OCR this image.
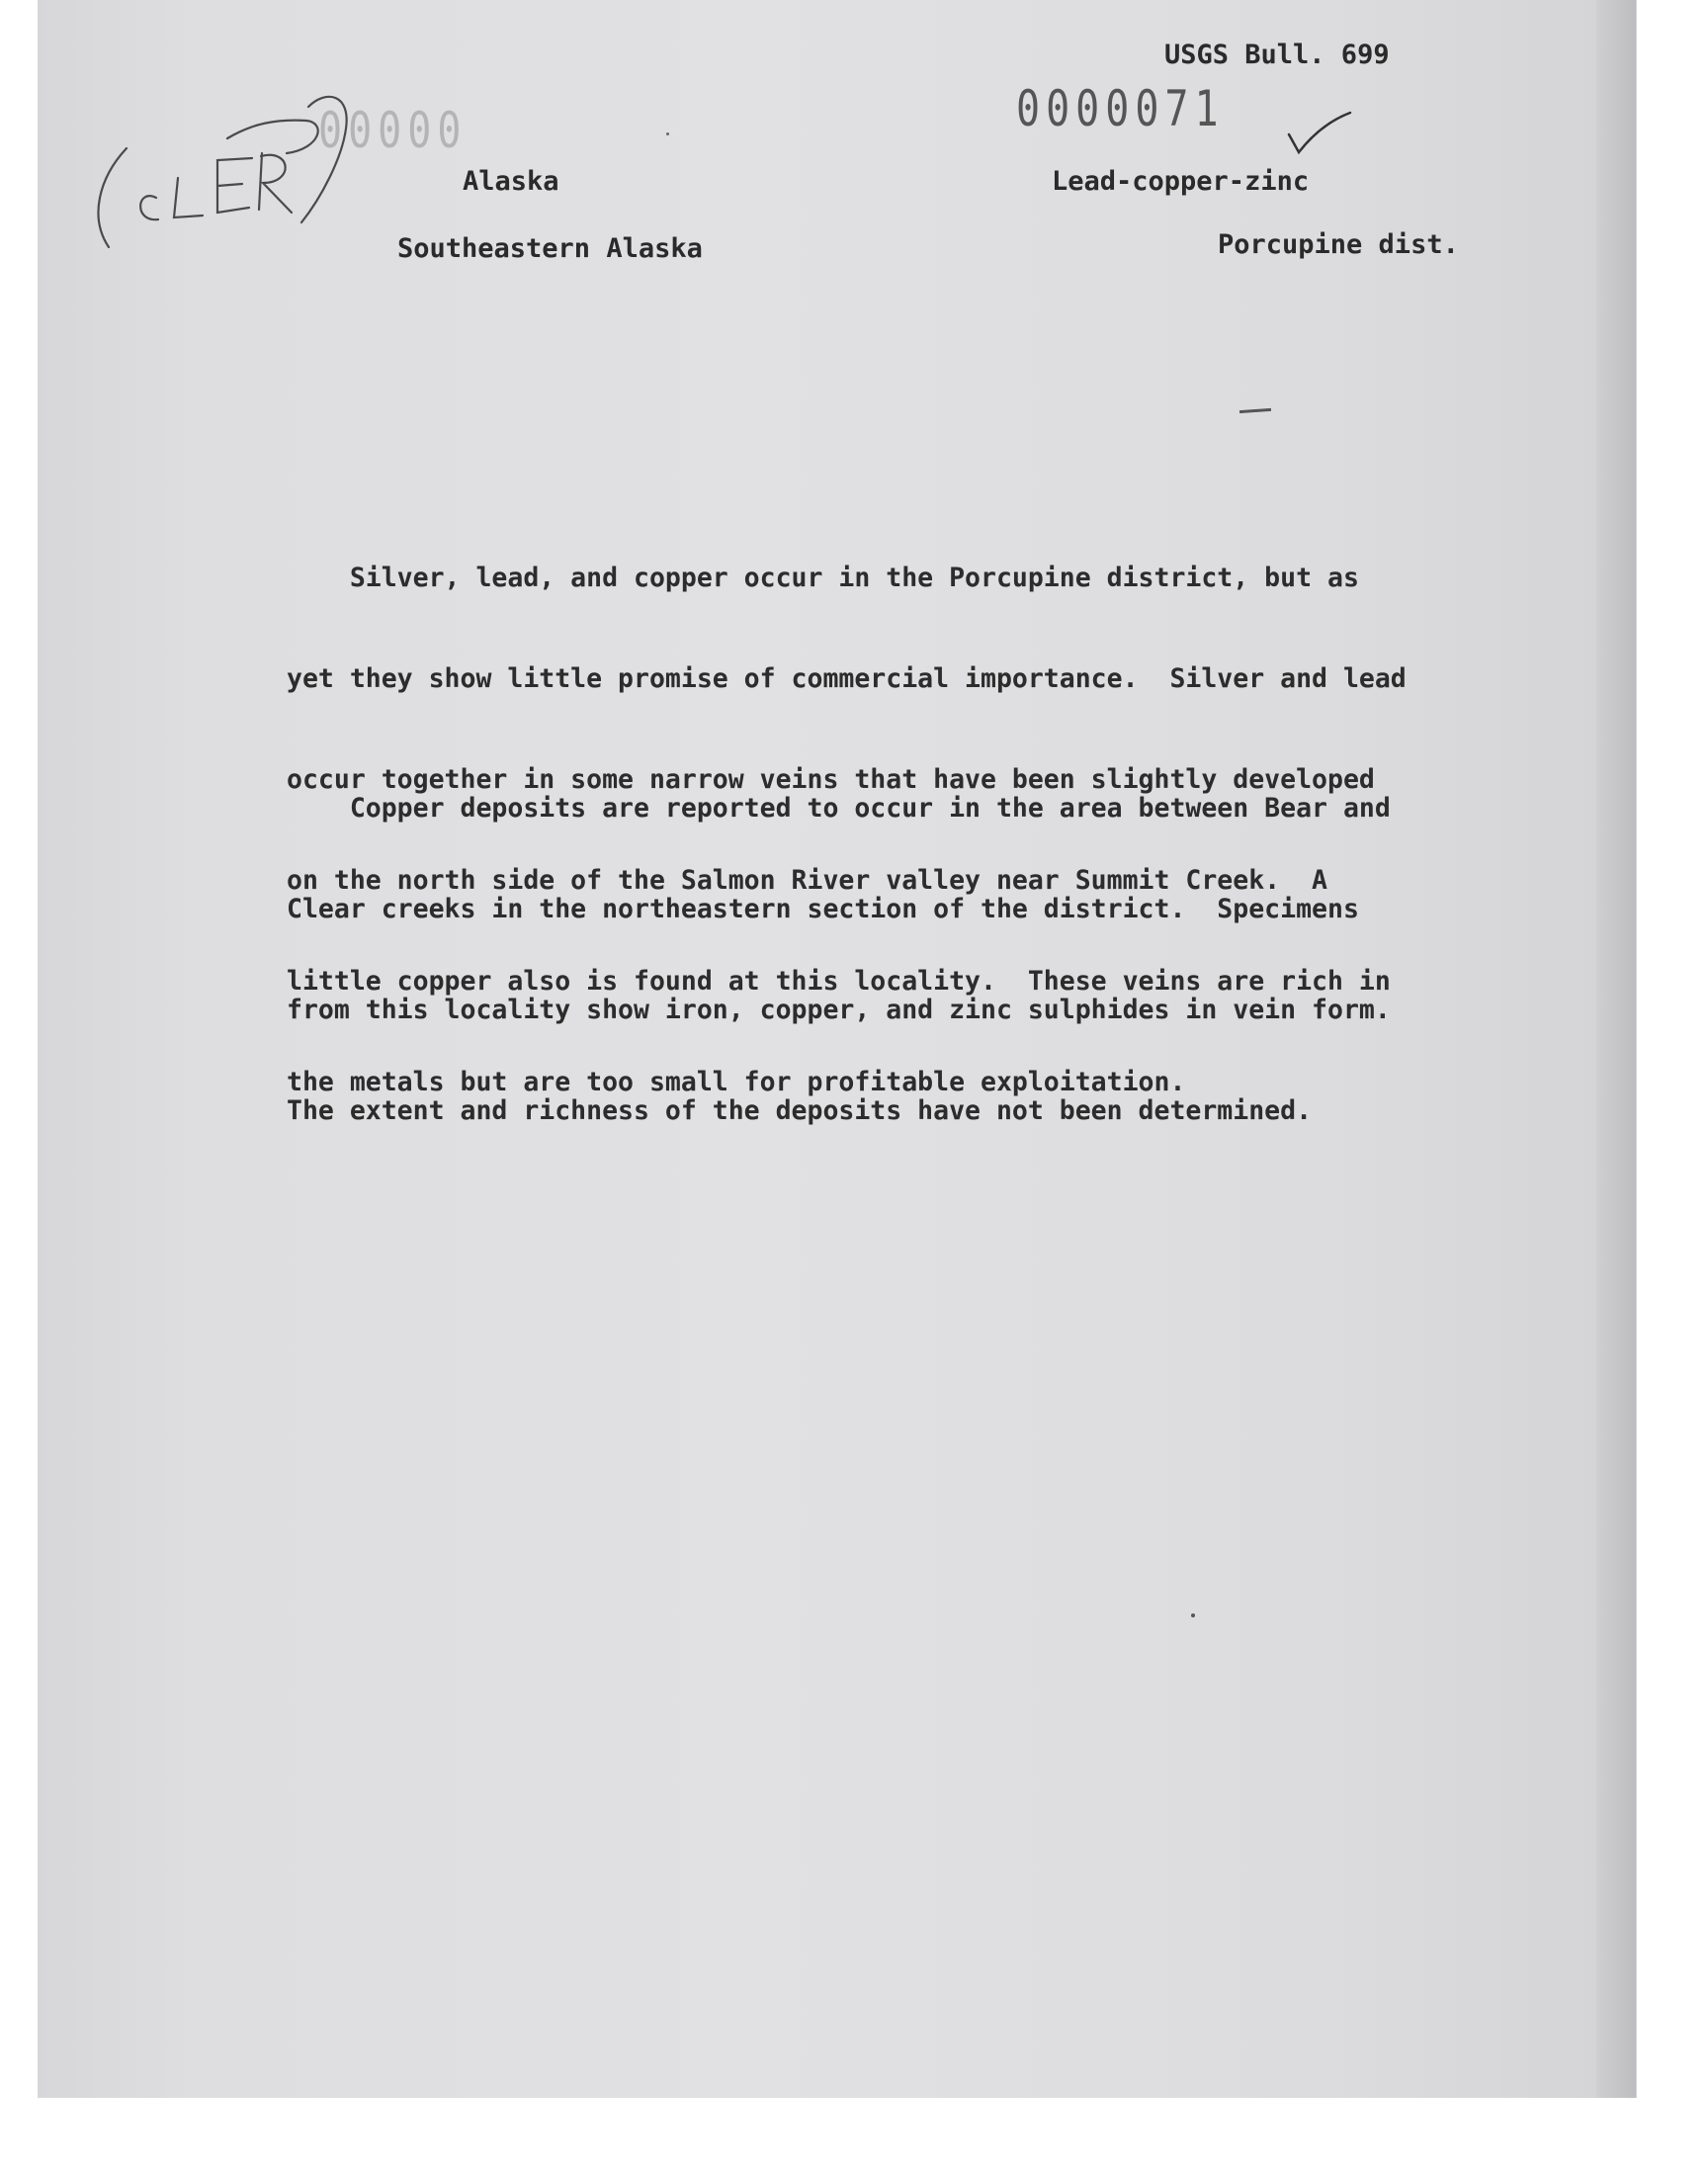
00000	0000071
USGS Bull. 699
Alaska	Lead-copper-zinc
Southeastern Alaska	Porcupine dist.

Silver, lead, and copper occur in the Porcupine district, but as

yet they show little promise of commercial importance.  Silver and lead

occur together in some narrow veins that have been slightly developed

on the north side of the Salmon River valley near Summit Creek.  A

little copper also is found at this locality.  These veins are rich in

the metals but are too small for profitable exploitation.

Copper deposits are reported to occur in the area between Bear and

Clear creeks in the northeastern section of the district.  Specimens

from this locality show iron, copper, and zinc sulphides in vein form.

The extent and richness of the deposits have not been determined.
